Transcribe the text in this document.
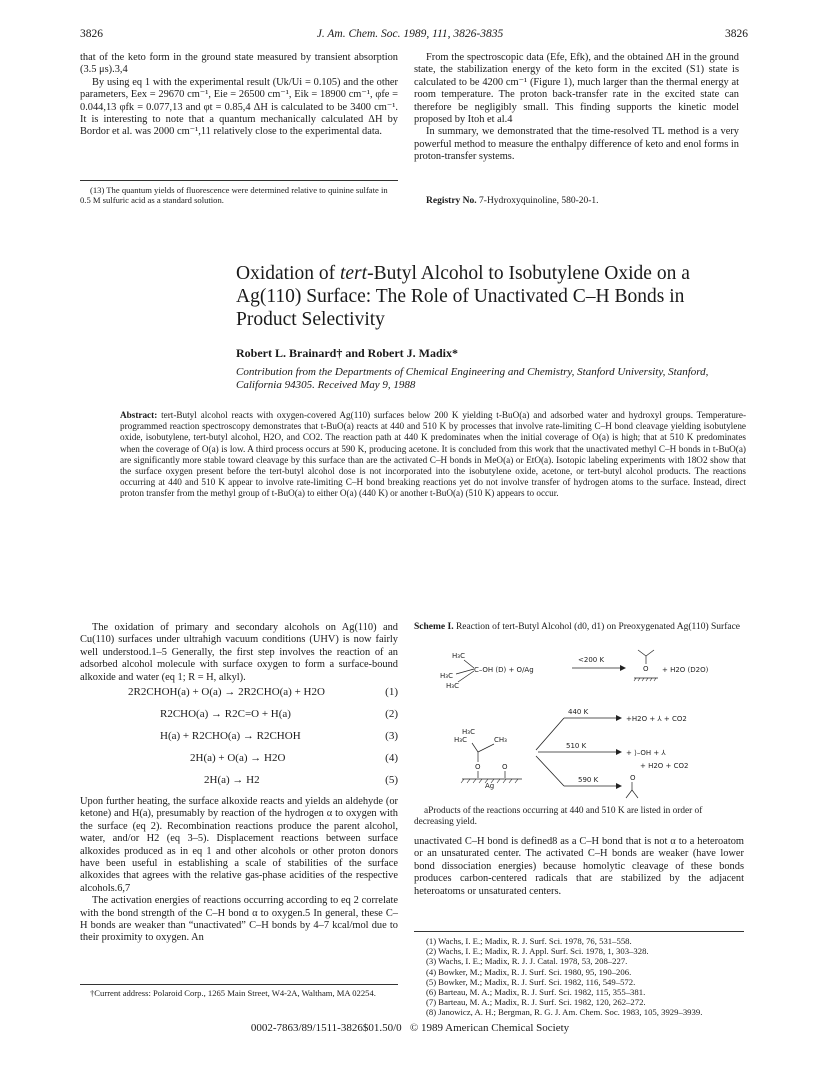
3826	J. Am. Chem. Soc. 1989, 111, 3826-3835	3826

that of the keto form in the ground state measured by transient absorption (3.5 μs).3,4

By using eq 1 with the experimental result (Uk/Ui = 0.105) and the other parameters, Eex = 29670 cm⁻¹, Eie = 26500 cm⁻¹, Eik = 18900 cm⁻¹, φfe = 0.044,13 φfk = 0.077,13 and φt = 0.85,4 ΔH is calculated to be 3400 cm⁻¹. It is interesting to note that a quantum mechanically calculated ΔH by Bordor et al. was 2000 cm⁻¹,11 relatively close to the experimental data.

(13) The quantum yields of fluorescence were determined relative to quinine sulfate in 0.5 M sulfuric acid as a standard solution.

From the spectroscopic data (Efe, Efk), and the obtained ΔH in the ground state, the stabilization energy of the keto form in the excited (S1) state is calculated to be 4200 cm⁻¹ (Figure 1), much larger than the thermal energy at room temperature. The proton back-transfer rate in the excited state can therefore be negligibly small. This finding supports the kinetic model proposed by Itoh et al.4

In summary, we demonstrated that the time-resolved TL method is a very powerful method to measure the enthalpy difference of keto and enol forms in proton-transfer systems.

Registry No. 7-Hydroxyquinoline, 580-20-1.
Oxidation of tert-Butyl Alcohol to Isobutylene Oxide on a Ag(110) Surface: The Role of Unactivated C–H Bonds in Product Selectivity
Robert L. Brainard† and Robert J. Madix*
Contribution from the Departments of Chemical Engineering and Chemistry, Stanford University, Stanford, California 94305. Received May 9, 1988
Abstract: tert-Butyl alcohol reacts with oxygen-covered Ag(110) surfaces below 200 K yielding t-BuO(a) and adsorbed water and hydroxyl groups. Temperature-programmed reaction spectroscopy demonstrates that t-BuO(a) reacts at 440 and 510 K by processes that involve rate-limiting C–H bond cleavage yielding isobutylene oxide, isobutylene, tert-butyl alcohol, H2O, and CO2. The reaction path at 440 K predominates when the initial coverage of O(a) is high; that at 510 K predominates when the coverage of O(a) is low. A third process occurs at 590 K, producing acetone. It is concluded from this work that the unactivated methyl C–H bonds in t-BuO(a) are significantly more stable toward cleavage by this surface than are the activated C–H bonds in MeO(a) or EtO(a). Isotopic labeling experiments with 18O2 show that the surface oxygen present before the tert-butyl alcohol dose is not incorporated into the isobutylene oxide, acetone, or tert-butyl alcohol products. The reactions occurring at 440 and 510 K appear to involve rate-limiting C–H bond breaking reactions yet do not involve transfer of hydrogen atoms to the surface. Instead, direct proton transfer from the methyl group of t-BuO(a) to either O(a) (440 K) or another t-BuO(a) (510 K) appears to occur.

The oxidation of primary and secondary alcohols on Ag(110) and Cu(110) surfaces under ultrahigh vacuum conditions (UHV) is now fairly well understood.1–5 Generally, the first step involves the reaction of an adsorbed alcohol molecule with surface oxygen to form a surface-bound alkoxide and water (eq 1; R = H, alkyl).

2R2CHOH(a) + O(a) → 2R2CHO(a) + H2O	(1)
R2CHO(a) → R2C=O + H(a)	(2)
H(a) + R2CHO(a) → R2CHOH	(3)
2H(a) + O(a) → H2O	(4)
2H(a) → H2	(5)

Upon further heating, the surface alkoxide reacts and yields an aldehyde (or ketone) and H(a), presumably by reaction of the hydrogen α to oxygen with the surface (eq 2). Recombination reactions produce the parent alcohol, water, and/or H2 (eq 3–5). Displacement reactions between surface alkoxides produced as in eq 1 and other alcohols or other proton donors have been useful in establishing a scale of stabilities of the surface alkoxides that agrees with the relative gas-phase acidities of the respective alcohols.6,7

The activation energies of reactions occurring according to eq 2 correlate with the bond strength of the C–H bond α to oxygen.5 In general, these C–H bonds are weaker than “unactivated” C–H bonds by 4–7 kcal/mol due to their proximity to oxygen. An

†Current address: Polaroid Corp., 1265 Main Street, W4-2A, Waltham, MA 02254.
Scheme I. Reaction of tert-Butyl Alcohol (d0, d1) on Preoxygenated Ag(110) Surface
H₃C
H₃C
H₃C
C–OH (D) + O/Ag
<200 K
O + H2O (D2O)
H₃C
H₃C	CH₃
O	O
Ag
440 K
+H2O + ⅄ + CO2
510 K
+ ⟩–OH + ⅄
+ H2O + CO2
590 K	O
aProducts of the reactions occurring at 440 and 510 K are listed in order of decreasing yield.

unactivated C–H bond is defined8 as a C–H bond that is not α to a heteroatom or an unsaturated center. The activated C–H bonds are weaker (have lower bond dissociation energies) because homolytic cleavage of these bonds produces carbon-centered radicals that are stabilized by the adjacent heteroatoms or unsaturated centers.

(1) Wachs, I. E.; Madix, R. J. Surf. Sci. 1978, 76, 531–558.
(2) Wachs, I. E.; Madix, R. J. Appl. Surf. Sci. 1978, 1, 303–328.
(3) Wachs, I. E.; Madix, R. J. J. Catal. 1978, 53, 208–227.
(4) Bowker, M.; Madix, R. J. Surf. Sci. 1980, 95, 190–206.
(5) Bowker, M.; Madix, R. J. Surf. Sci. 1982, 116, 549–572.
(6) Barteau, M. A.; Madix, R. J. Surf. Sci. 1982, 115, 355–381.
(7) Barteau, M. A.; Madix, R. J. Surf. Sci. 1982, 120, 262–272.
(8) Janowicz, A. H.; Bergman, R. G. J. Am. Chem. Soc. 1983, 105, 3929–3939.
0002-7863/89/1511-3826$01.50/0   © 1989 American Chemical Society
